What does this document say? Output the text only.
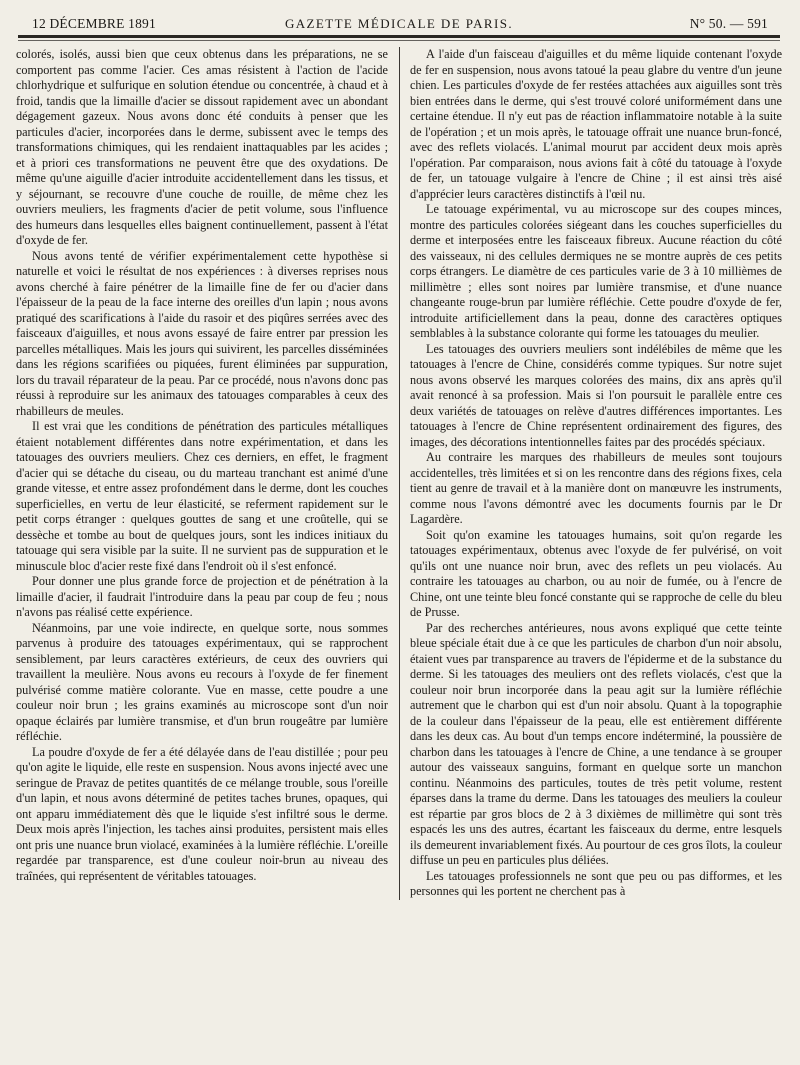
12 DÉCEMBRE 1891	GAZETTE MÉDICALE DE PARIS.	N° 50. — 591

colorés, isolés, aussi bien que ceux obtenus dans les préparations, ne se comportent pas comme l'acier. Ces amas résistent à l'action de l'acide chlorhydrique et sulfurique en solution étendue ou concentrée, à chaud et à froid, tandis que la limaille d'acier se dissout rapidement avec un abondant dégagement gazeux. Nous avons donc été conduits à penser que les particules d'acier, incorporées dans le derme, subissent avec le temps des transformations chimiques, qui les rendaient inattaquables par les acides ; et à priori ces transformations ne peuvent être que des oxydations. De même qu'une aiguille d'acier introduite accidentellement dans les tissus, et y séjournant, se recouvre d'une couche de rouille, de même chez les ouvriers meuliers, les fragments d'acier de petit volume, sous l'influence des humeurs dans lesquelles elles baignent continuellement, passent à l'état d'oxyde de fer.

Nous avons tenté de vérifier expérimentalement cette hypothèse si naturelle et voici le résultat de nos expériences : à diverses reprises nous avons cherché à faire pénétrer de la limaille fine de fer ou d'acier dans l'épaisseur de la peau de la face interne des oreilles d'un lapin ; nous avons pratiqué des scarifications à l'aide du rasoir et des piqûres serrées avec des faisceaux d'aiguilles, et nous avons essayé de faire entrer par pression les parcelles métalliques. Mais les jours qui suivirent, les parcelles disséminées dans les régions scarifiées ou piquées, furent éliminées par suppuration, lors du travail réparateur de la peau. Par ce procédé, nous n'avons donc pas réussi à reproduire sur les animaux des tatouages comparables à ceux des rhabilleurs de meules.

Il est vrai que les conditions de pénétration des particules métalliques étaient notablement différentes dans notre expérimentation, et dans les tatouages des ouvriers meuliers. Chez ces derniers, en effet, le fragment d'acier qui se détache du ciseau, ou du marteau tranchant est animé d'une grande vitesse, et entre assez profondément dans le derme, dont les couches superficielles, en vertu de leur élasticité, se referment rapidement sur le petit corps étranger : quelques gouttes de sang et une croûtelle, qui se dessèche et tombe au bout de quelques jours, sont les indices initiaux du tatouage qui sera visible par la suite. Il ne survient pas de suppuration et le minuscule bloc d'acier reste fixé dans l'endroit où il s'est enfoncé.

Pour donner une plus grande force de projection et de pénétration à la limaille d'acier, il faudrait l'introduire dans la peau par coup de feu ; nous n'avons pas réalisé cette expérience.

Néanmoins, par une voie indirecte, en quelque sorte, nous sommes parvenus à produire des tatouages expérimentaux, qui se rapprochent sensiblement, par leurs caractères extérieurs, de ceux des ouvriers qui travaillent la meulière. Nous avons eu recours à l'oxyde de fer finement pulvérisé comme matière colorante. Vue en masse, cette poudre a une couleur noir brun ; les grains examinés au microscope sont d'un noir opaque éclairés par lumière transmise, et d'un brun rougeâtre par lumière réfléchie.

La poudre d'oxyde de fer a été délayée dans de l'eau distillée ; pour peu qu'on agite le liquide, elle reste en suspension. Nous avons injecté avec une seringue de Pravaz de petites quantités de ce mélange trouble, sous l'oreille d'un lapin, et nous avons déterminé de petites taches brunes, opaques, qui ont apparu immédiatement dès que le liquide s'est infiltré sous le derme. Deux mois après l'injection, les taches ainsi produites, persistent mais elles ont pris une nuance brun violacé, examinées à la lumière réfléchie. L'oreille regardée par transparence, est d'une couleur noir-brun au niveau des traînées, qui représentent de véritables tatouages.

A l'aide d'un faisceau d'aiguilles et du même liquide contenant l'oxyde de fer en suspension, nous avons tatoué la peau glabre du ventre d'un jeune chien. Les particules d'oxyde de fer restées attachées aux aiguilles sont très bien entrées dans le derme, qui s'est trouvé coloré uniformément dans une certaine étendue. Il n'y eut pas de réaction inflammatoire notable à la suite de l'opération ; et un mois après, le tatouage offrait une nuance brun-foncé, avec des reflets violacés. L'animal mourut par accident deux mois après l'opération. Par comparaison, nous avions fait à côté du tatouage à l'oxyde de fer, un tatouage vulgaire à l'encre de Chine ; il est ainsi très aisé d'apprécier leurs caractères distinctifs à l'œil nu.

Le tatouage expérimental, vu au microscope sur des coupes minces, montre des particules colorées siégeant dans les couches superficielles du derme et interposées entre les faisceaux fibreux. Aucune réaction du côté des vaisseaux, ni des cellules dermiques ne se montre auprès de ces petits corps étrangers. Le diamètre de ces particules varie de 3 à 10 millièmes de millimètre ; elles sont noires par lumière transmise, et d'une nuance changeante rouge-brun par lumière réfléchie. Cette poudre d'oxyde de fer, introduite artificiellement dans la peau, donne des caractères optiques semblables à la substance colorante qui forme les tatouages du meulier.

Les tatouages des ouvriers meuliers sont indélébiles de même que les tatouages à l'encre de Chine, considérés comme typiques. Sur notre sujet nous avons observé les marques colorées des mains, dix ans après qu'il avait renoncé à sa profession. Mais si l'on poursuit le parallèle entre ces deux variétés de tatouages on relève d'autres différences importantes. Les tatouages à l'encre de Chine représentent ordinairement des figures, des images, des décorations intentionnelles faites par des procédés spéciaux.

Au contraire les marques des rhabilleurs de meules sont toujours accidentelles, très limitées et si on les rencontre dans des régions fixes, cela tient au genre de travail et à la manière dont on manœuvre les instruments, comme nous l'avons démontré avec les documents fournis par le Dr Lagardère.

Soit qu'on examine les tatouages humains, soit qu'on regarde les tatouages expérimentaux, obtenus avec l'oxyde de fer pulvérisé, on voit qu'ils ont une nuance noir brun, avec des reflets un peu violacés. Au contraire les tatouages au charbon, ou au noir de fumée, ou à l'encre de Chine, ont une teinte bleu foncé constante qui se rapproche de celle du bleu de Prusse.

Par des recherches antérieures, nous avons expliqué que cette teinte bleue spéciale était due à ce que les particules de charbon d'un noir absolu, étaient vues par transparence au travers de l'épiderme et de la substance du derme. Si les tatouages des meuliers ont des reflets violacés, c'est que la couleur noir brun incorporée dans la peau agit sur la lumière réfléchie autrement que le charbon qui est d'un noir absolu. Quant à la topographie de la couleur dans l'épaisseur de la peau, elle est entièrement différente dans les deux cas. Au bout d'un temps encore indéterminé, la poussière de charbon dans les tatouages à l'encre de Chine, a une tendance à se grouper autour des vaisseaux sanguins, formant en quelque sorte un manchon continu. Néanmoins des particules, toutes de très petit volume, restent éparses dans la trame du derme. Dans les tatouages des meuliers la couleur est répartie par gros blocs de 2 à 3 dixièmes de millimètre qui sont très espacés les uns des autres, écartant les faisceaux du derme, entre lesquels ils demeurent invariablement fixés. Au pourtour de ces gros îlots, la couleur diffuse un peu en particules plus déliées.

Les tatouages professionnels ne sont que peu ou pas difformes, et les personnes qui les portent ne cherchent pas à
